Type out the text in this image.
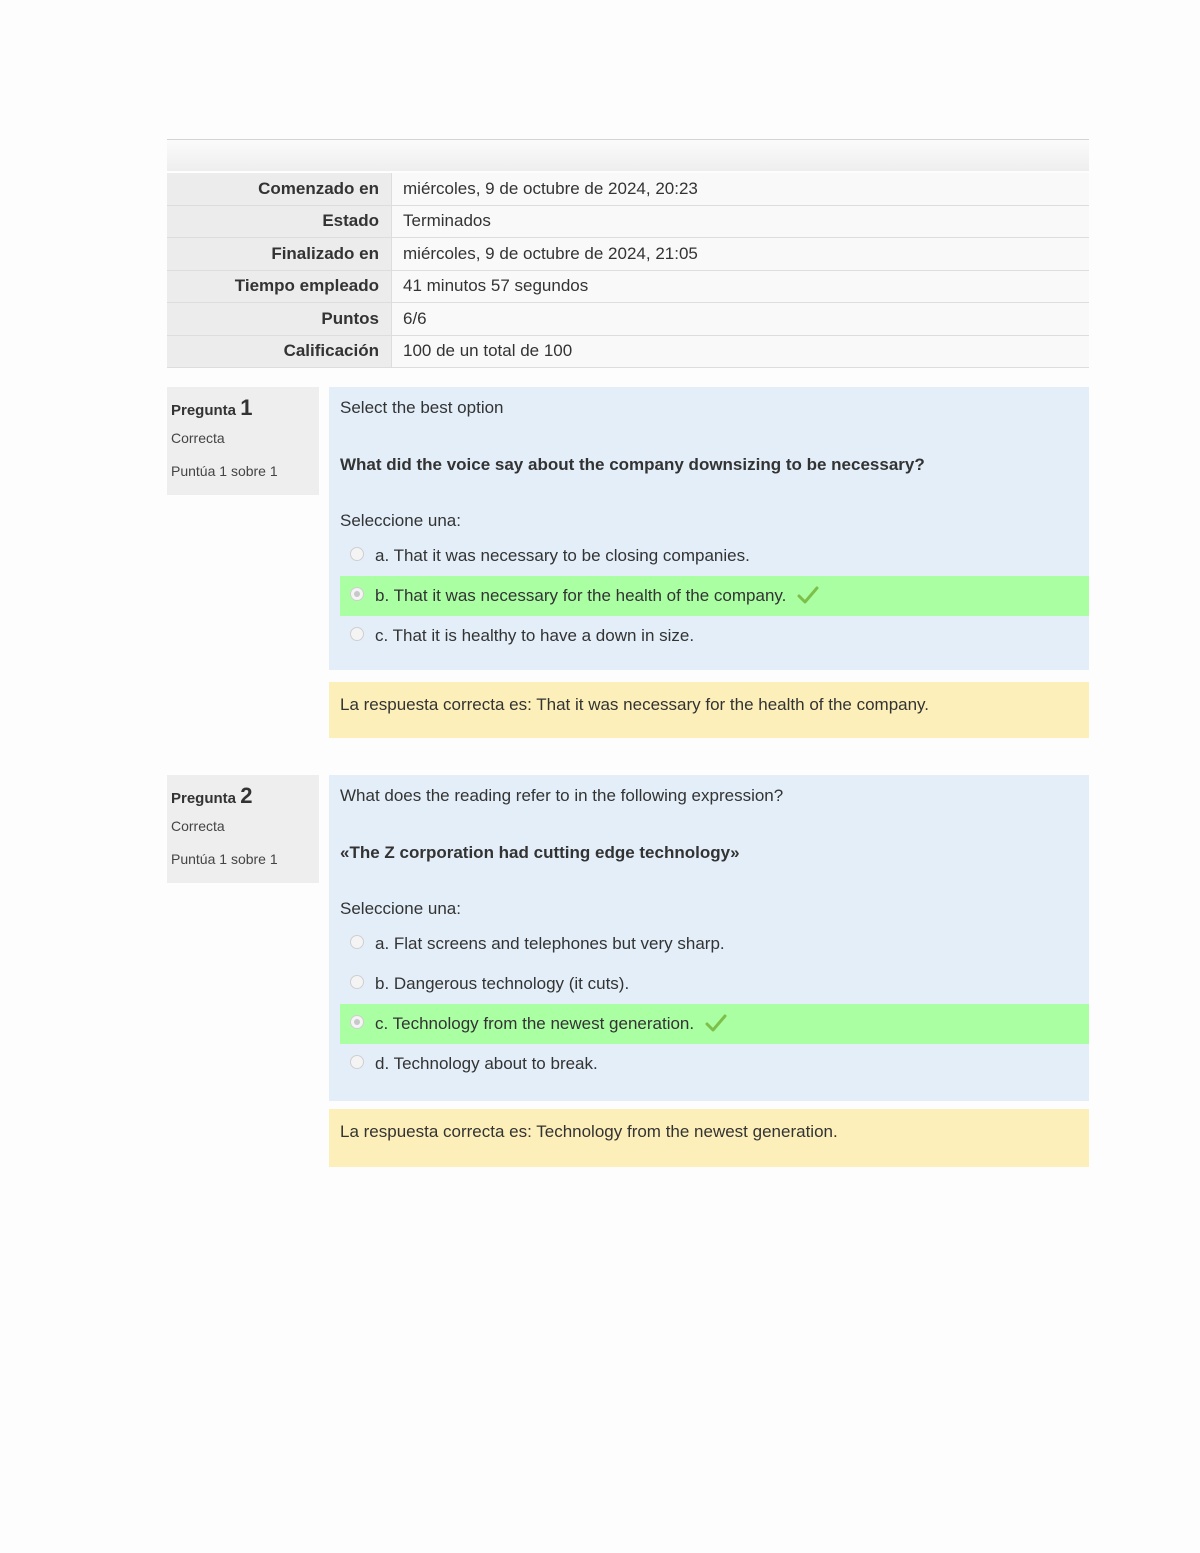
Comenzado en	miércoles, 9 de octubre de 2024, 20:23
Estado	Terminados
Finalizado en	miércoles, 9 de octubre de 2024, 21:05
Tiempo empleado	41 minutos 57 segundos
Puntos	6/6
Calificación	100 de un total de 100
Pregunta 1
Correcta
Puntúa 1 sobre 1
Select the best option
What did the voice say about the company downsizing to be necessary?
Seleccione una:
a. That it was necessary to be closing companies.
b. That it was necessary for the health of the company.
c. That it is healthy to have a down in size.
La respuesta correcta es: That it was necessary for the health of the company.
Pregunta 2
Correcta
Puntúa 1 sobre 1
What does the reading refer to in the following expression?
«The Z corporation had cutting edge technology»
Seleccione una:
a. Flat screens and telephones but very sharp.
b. Dangerous technology (it cuts).
c. Technology from the newest generation.
d. Technology about to break.
La respuesta correcta es: Technology from the newest generation.
